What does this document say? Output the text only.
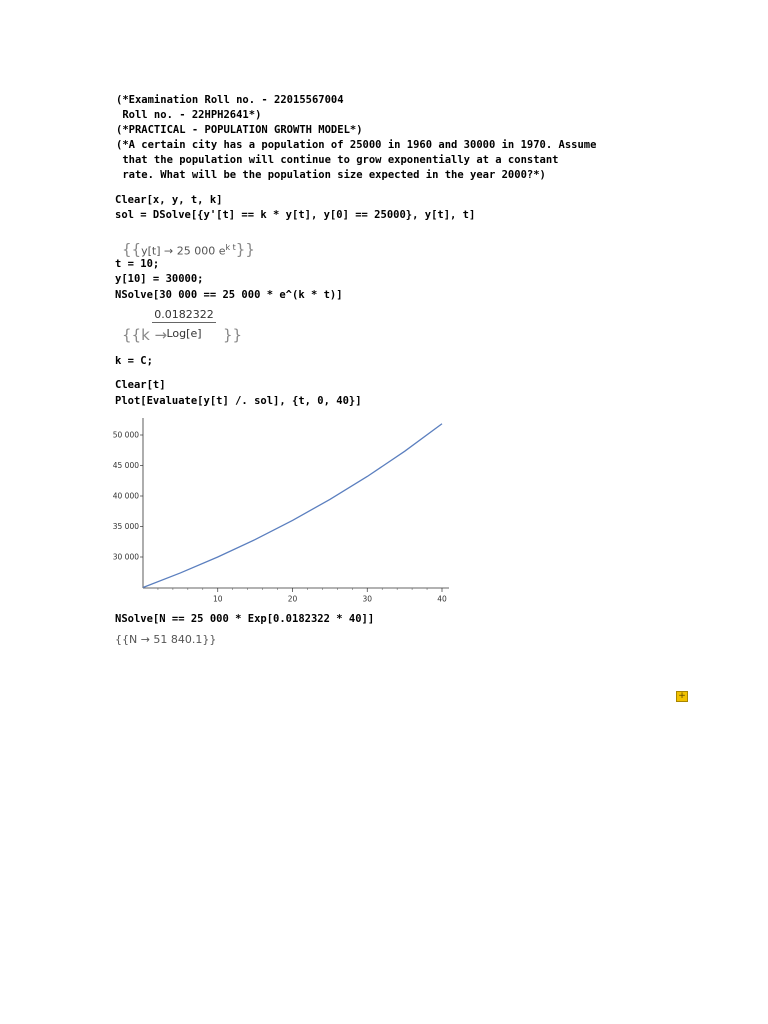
(*Examination Roll no. - 22015567004
Roll no. - 22HPH2641*)
(*PRACTICAL - POPULATION GROWTH MODEL*)
(*A certain city has a population of 25000 in 1960 and 30000 in 1970. Assume
that the population will continue to grow exponentially at a constant
rate. What will be the population size expected in the year 2000?*)
Clear[x, y, t, k]
sol = DSolve[{y'[t] == k * y[t], y[0] == 25000}, y[t], t]

{{y[t] → 25 000 $e^{k t}$}}

t = 10;
y[10] = 30000;
NSolve[30 000 == 25 000 * e^(k * t)]

{{k →

0.0182322
Log[e]	}}

k = C;
Clear[t]
Plot[Evaluate[y[t] /. sol], {t, 0, 40}]
10	20	30	40
30 000
35 000
40 000
45 000
50 000
NSolve[N == 25 000 * Exp[0.0182322 * 40]]
{{N → 51 840.1}}
+
